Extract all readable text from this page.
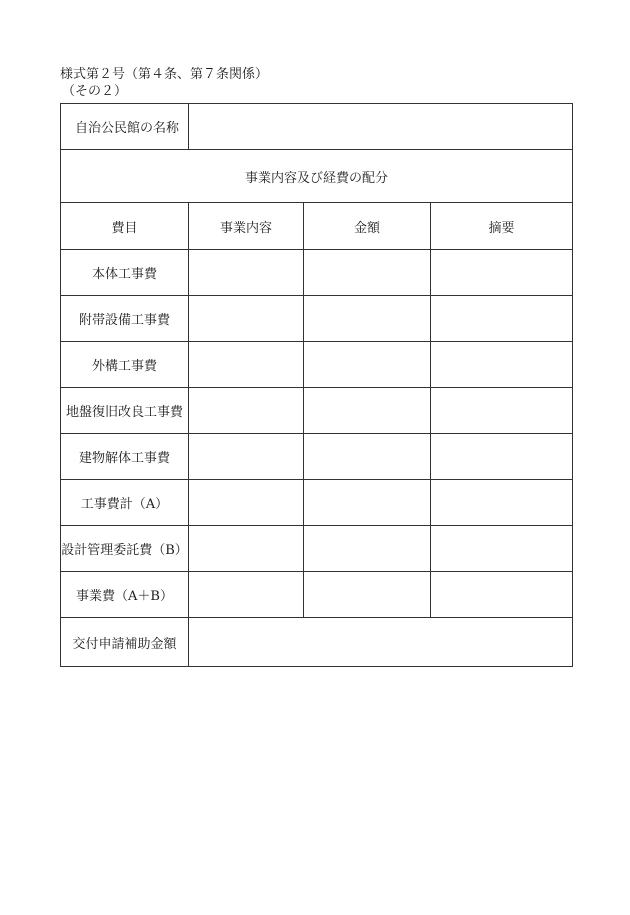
様式第２号（第４条、第７条関係）
（その２）
自治公民館の名称			
事業内容及び経費の配分			
費目	事業内容	金額	摘要
本体工事費			
附帯設備工事費			
外構工事費			
地盤復旧改良工事費			
建物解体工事費			
工事費計（A）			
設計管理委託費（B）			
事業費（A＋B）			
交付申請補助金額			
